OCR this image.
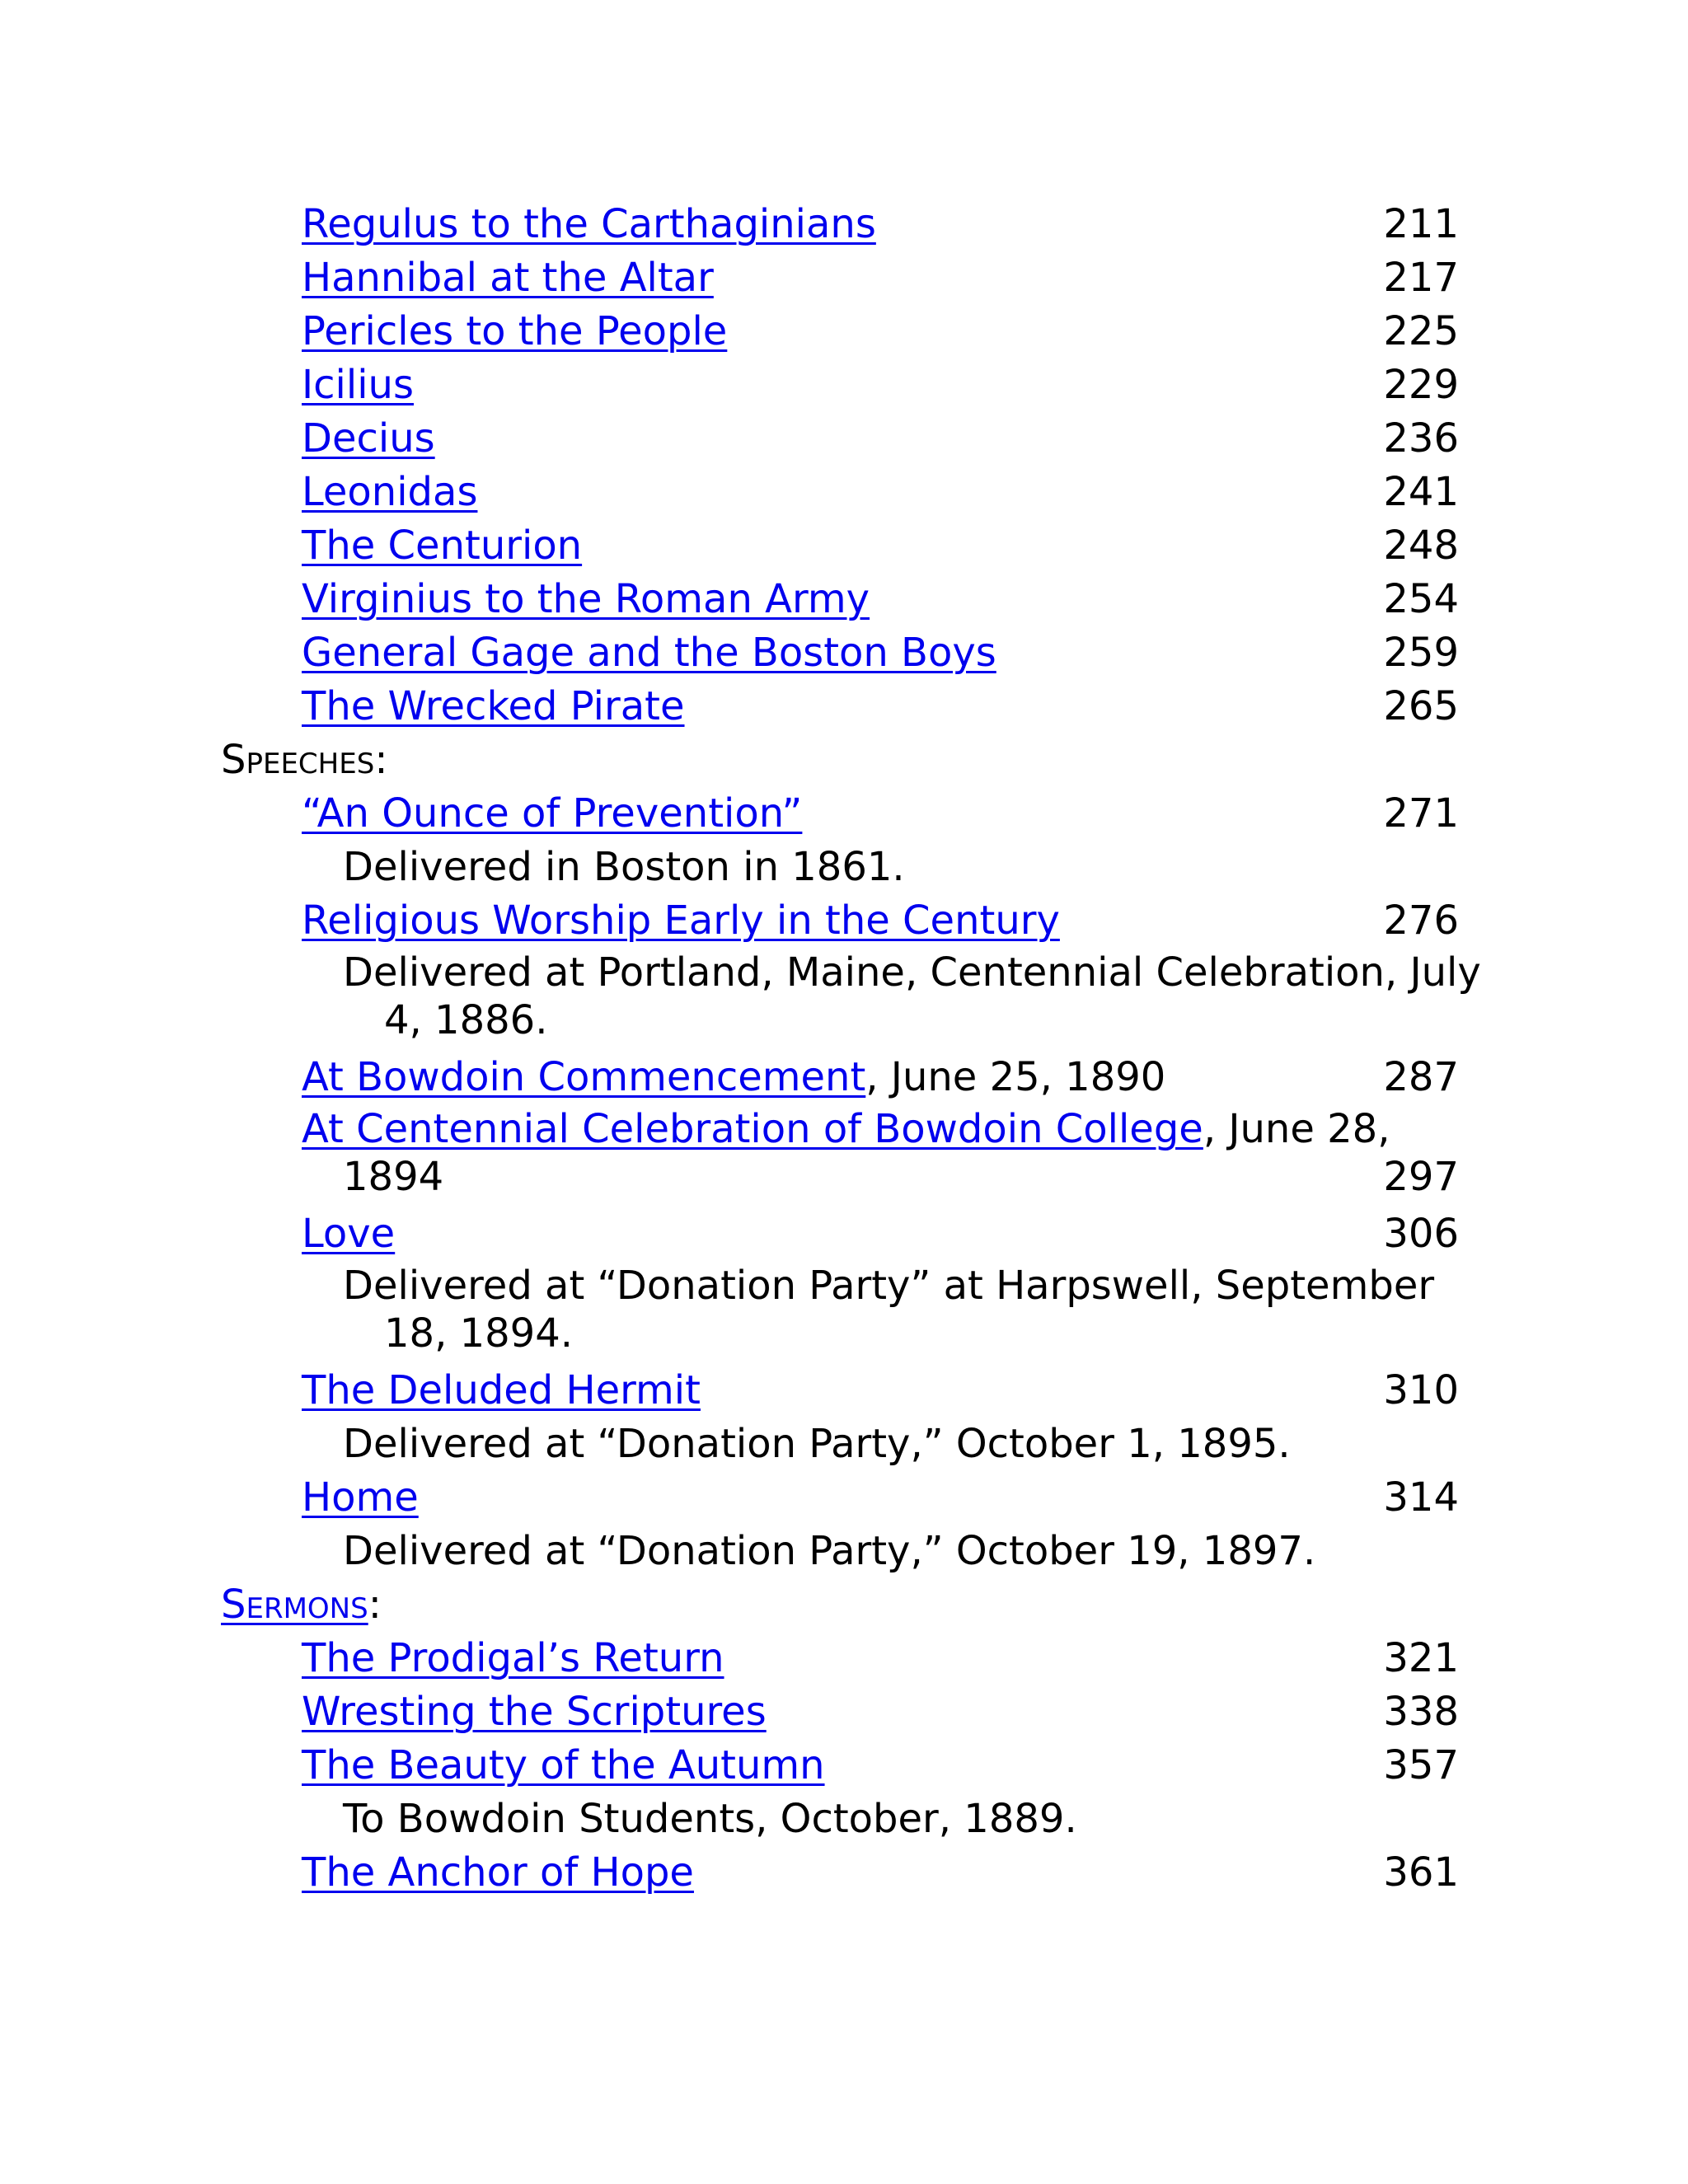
Regulus to the Carthaginians	211
Hannibal at the Altar	217
Pericles to the People	225
Icilius	229
Decius	236
Leonidas	241
The Centurion	248
Virginius to the Roman Army	254
General Gage and the Boston Boys	259
The Wrecked Pirate	265
Speeches:
“An Ounce of Prevention”	271
Delivered in Boston in 1861.
Religious Worship Early in the Century	276
Delivered at Portland, Maine, Centennial Celebration, July
4, 1886.
At Bowdoin Commencement, June 25, 1890	287
At Centennial Celebration of Bowdoin College, June 28,
1894	297
Love	306
Delivered at “Donation Party” at Harpswell, September
18, 1894.
The Deluded Hermit	310
Delivered at “Donation Party,” October 1, 1895.
Home	314
Delivered at “Donation Party,” October 19, 1897.
Sermons:
The Prodigal’s Return	321
Wresting the Scriptures	338
The Beauty of the Autumn	357
To Bowdoin Students, October, 1889.
The Anchor of Hope	361
